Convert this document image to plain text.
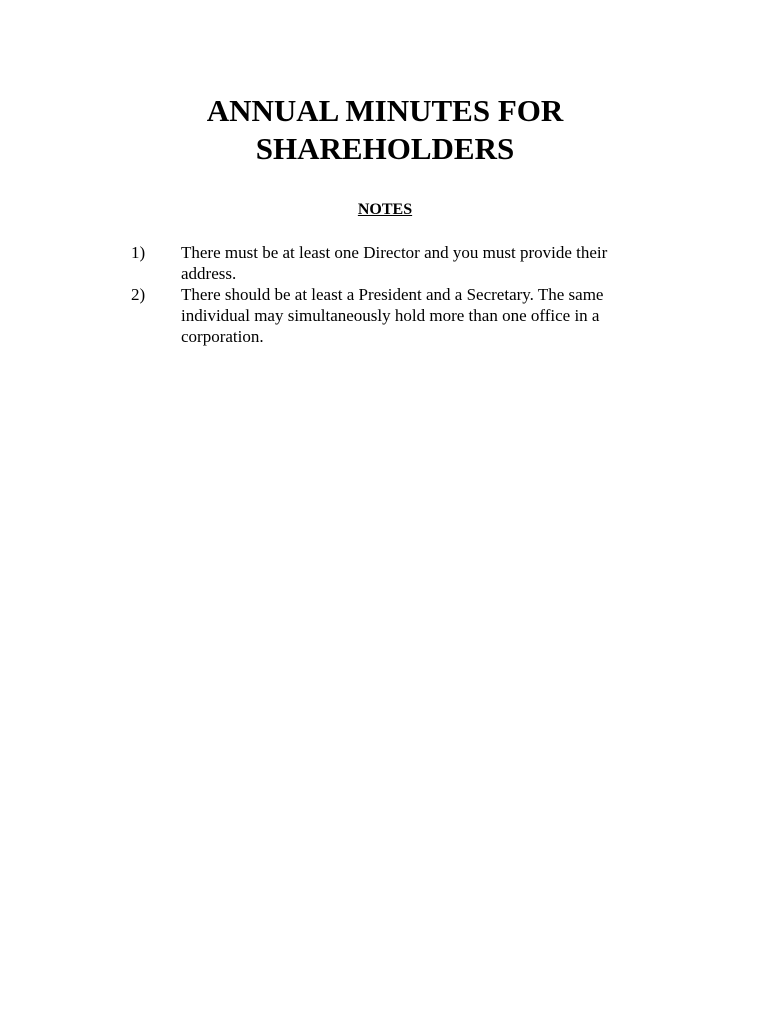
ANNUAL MINUTES FOR
SHAREHOLDERS
NOTES
1)	There must be at least one Director and you must provide their address.
2)	There should be at least a President and a Secretary. The same individual may simultaneously hold more than one office in a corporation.
